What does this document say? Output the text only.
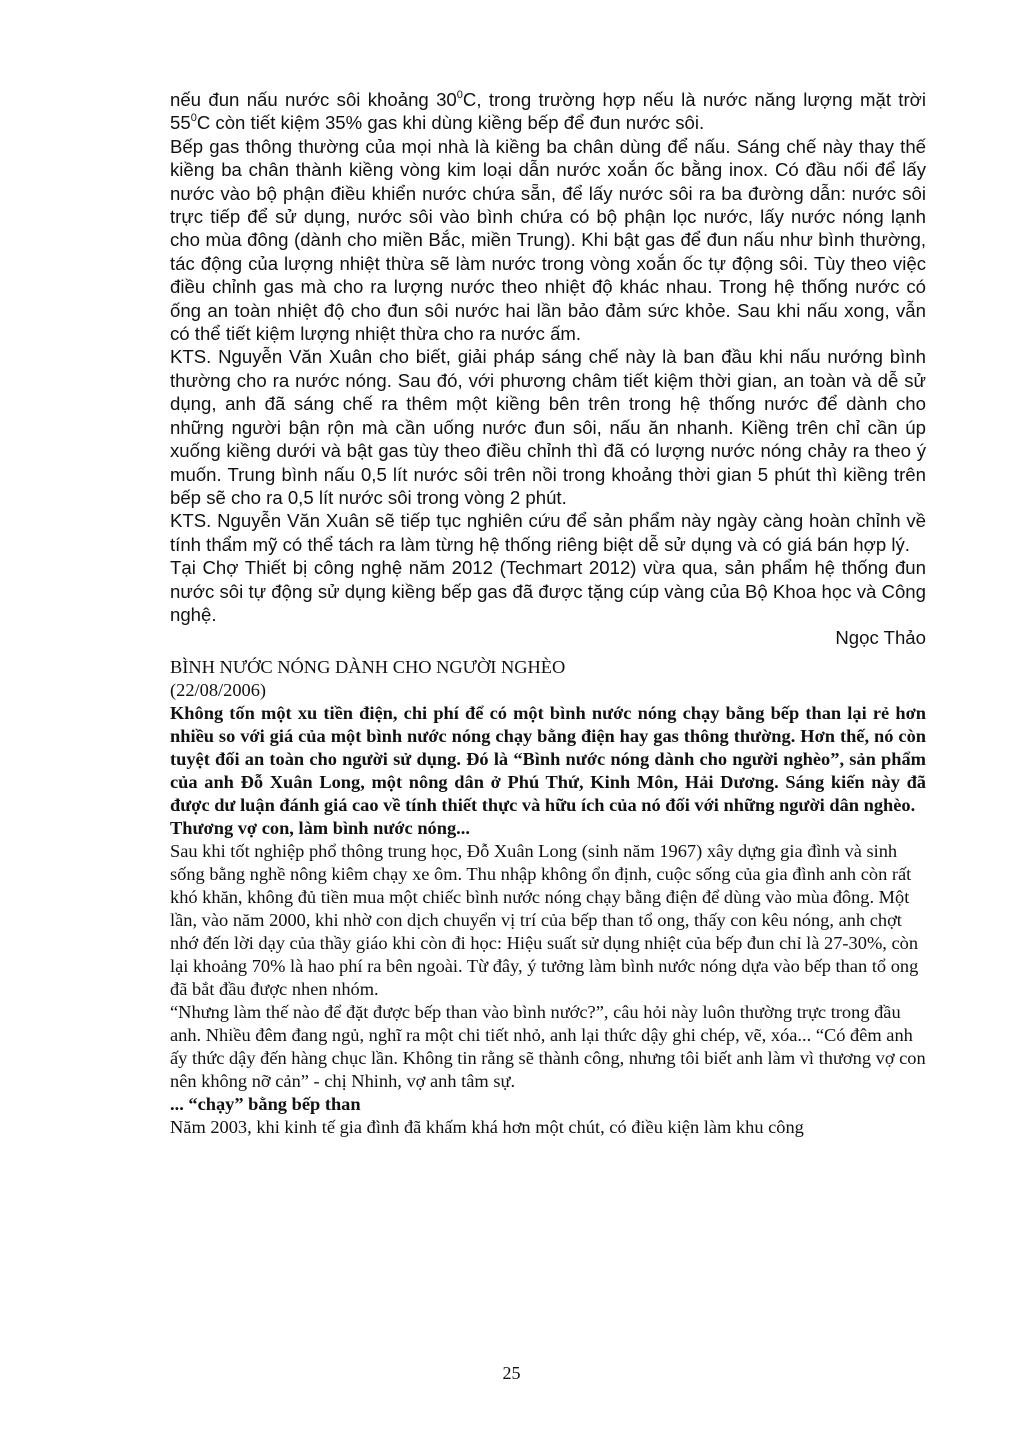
nếu đun nấu nước sôi khoảng $30^0C$, trong trường hợp nếu là nước năng lượng mặt trời $55^0C$ còn tiết kiệm 35% gas khi dùng kiềng bếp để đun nước sôi.

Bếp gas thông thường của mọi nhà là kiềng ba chân dùng để nấu. Sáng chế này thay thế kiềng ba chân thành kiềng vòng kim loại dẫn nước xoắn ốc bằng inox. Có đầu nối để lấy nước vào bộ phận điều khiển nước chứa sẵn, để lấy nước sôi ra ba đường dẫn: nước sôi trực tiếp để sử dụng, nước sôi vào bình chứa có bộ phận lọc nước, lấy nước nóng lạnh cho mùa đông (dành cho miền Bắc, miền Trung). Khi bật gas để đun nấu như bình thường, tác động của lượng nhiệt thừa sẽ làm nước trong vòng xoắn ốc tự động sôi. Tùy theo việc điều chỉnh gas mà cho ra lượng nước theo nhiệt độ khác nhau. Trong hệ thống nước có ống an toàn nhiệt độ cho đun sôi nước hai lần bảo đảm sức khỏe. Sau khi nấu xong, vẫn có thể tiết kiệm lượng nhiệt thừa cho ra nước ấm.

KTS. Nguyễn Văn Xuân cho biết, giải pháp sáng chế này là ban đầu khi nấu nướng bình thường cho ra nước nóng. Sau đó, với phương châm tiết kiệm thời gian, an toàn và dễ sử dụng, anh đã sáng chế ra thêm một kiềng bên trên trong hệ thống nước để dành cho những người bận rộn mà cần uống nước đun sôi, nấu ăn nhanh. Kiềng trên chỉ cần úp xuống kiềng dưới và bật gas tùy theo điều chỉnh thì đã có lượng nước nóng chảy ra theo ý muốn. Trung bình nấu 0,5 lít nước sôi trên nồi trong khoảng thời gian 5 phút thì kiềng trên bếp sẽ cho ra 0,5 lít nước sôi trong vòng 2 phút.

KTS. Nguyễn Văn Xuân sẽ tiếp tục nghiên cứu để sản phẩm này ngày càng hoàn chỉnh về tính thẩm mỹ có thể tách ra làm từng hệ thống riêng biệt dễ sử dụng và có giá bán hợp lý.

Tại Chợ Thiết bị công nghệ năm 2012 (Techmart 2012) vừa qua, sản phẩm hệ thống đun nước sôi tự động sử dụng kiềng bếp gas đã được tặng cúp vàng của Bộ Khoa học và Công nghệ.

Ngọc Thảo

BÌNH NƯỚC NÓNG DÀNH CHO NGƯỜI NGHÈO

(22/08/2006)

Không tốn một xu tiền điện, chi phí để có một bình nước nóng chạy bằng bếp than lại rẻ hơn nhiều so với giá của một bình nước nóng chạy bằng điện hay gas thông thường. Hơn thế, nó còn tuyệt đối an toàn cho người sử dụng. Đó là “Bình nước nóng dành cho người nghèo”, sản phẩm của anh Đỗ Xuân Long, một nông dân ở Phú Thứ, Kinh Môn, Hải Dương. Sáng kiến này đã được dư luận đánh giá cao về tính thiết thực và hữu ích của nó đối với những người dân nghèo.

Thương vợ con, làm bình nước nóng...

Sau khi tốt nghiệp phổ thông trung học, Đỗ Xuân Long (sinh năm 1967) xây dựng gia đình và sinh sống bằng nghề nông kiêm chạy xe ôm. Thu nhập không ổn định, cuộc sống của gia đình anh còn rất khó khăn, không đủ tiền mua một chiếc bình nước nóng chạy bằng điện để dùng vào mùa đông. Một lần, vào năm 2000, khi nhờ con dịch chuyển vị trí của bếp than tổ ong, thấy con kêu nóng, anh chợt nhớ đến lời dạy của thầy giáo khi còn đi học: Hiệu suất sử dụng nhiệt của bếp đun chỉ là 27-30%, còn lại khoảng 70% là hao phí ra bên ngoài. Từ đây, ý tưởng làm bình nước nóng dựa vào bếp than tổ ong đã bắt đầu được nhen nhóm.

“Nhưng làm thế nào để đặt được bếp than vào bình nước?”, câu hỏi này luôn thường trực trong đầu anh. Nhiều đêm đang ngủ, nghĩ ra một chi tiết nhỏ, anh lại thức dậy ghi chép, vẽ, xóa... “Có đêm anh ấy thức dậy đến hàng chục lần. Không tin rằng sẽ thành công, nhưng tôi biết anh làm vì thương vợ con nên không nỡ cản” - chị Nhinh, vợ anh tâm sự.

... “chạy” bằng bếp than

Năm 2003, khi kinh tế gia đình đã khấm khá hơn một chút, có điều kiện làm khu công

25
